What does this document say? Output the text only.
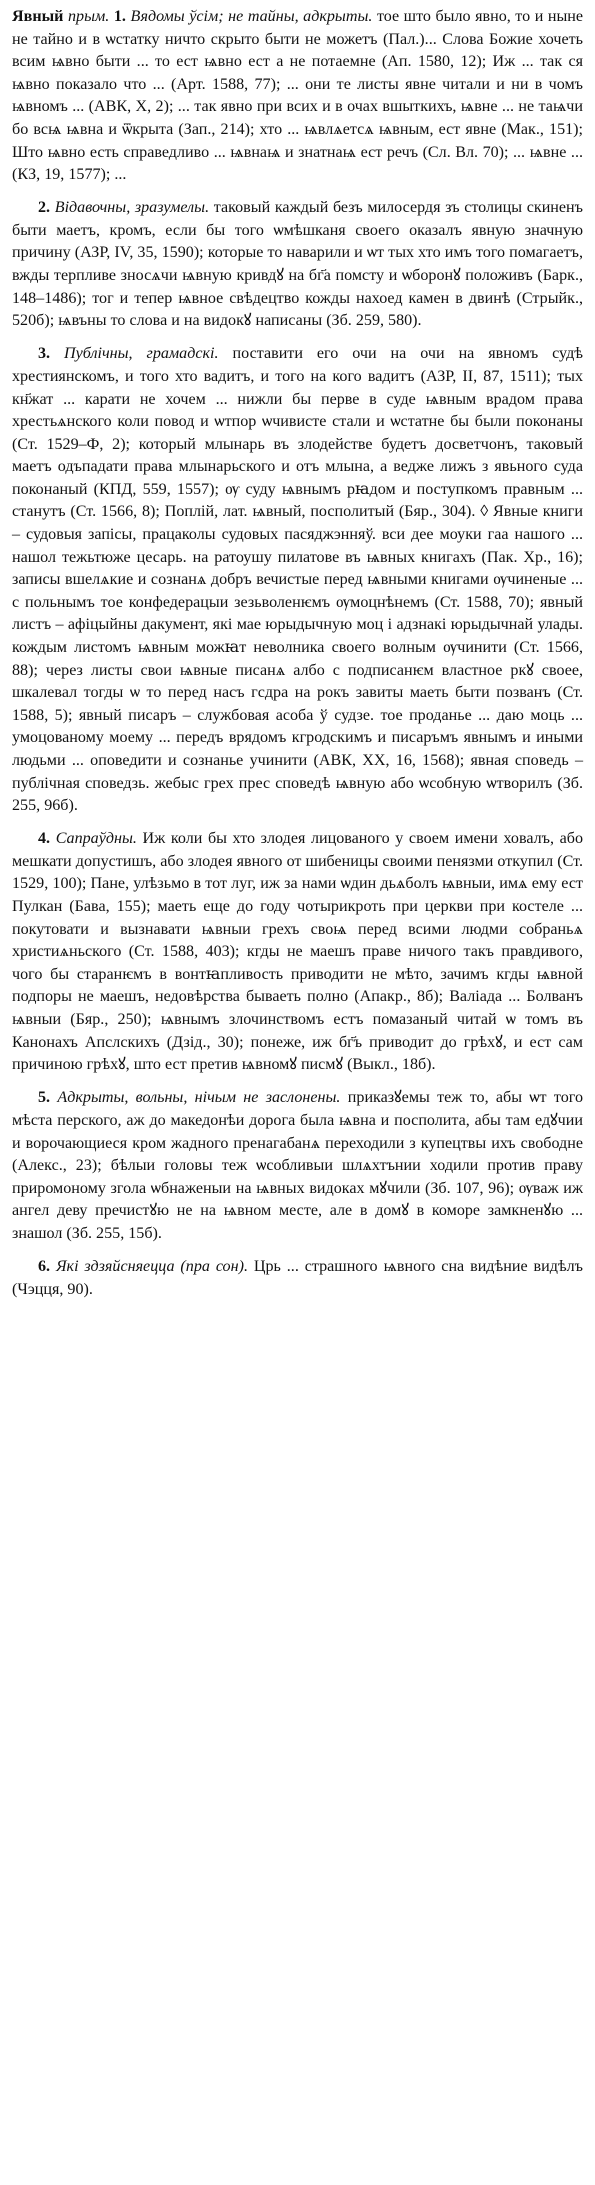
Явный прым. 1. Вядомы ўсім; не тайны, адкрыты. тое што было явно, то и ныне не тайно и в ѡстатку ничто скрыто быти не можетъ (Пал.)... Слова Божие хочеть всим ѩвно быти ... то ест ѩвно ест а не потаемне (Ап. 1580, 12); Иж ... так ся ѩвно показало что ... (Арт. 1588, 77); ... они те листы явне читали и ни в чомъ ѩвномъ ... (АВК, X, 2); ... так явно при всих и в очах вшыткихъ, ѩвне ... не таѩчи бо всѩ ѩвна и ѿкрыта (Зап., 214); хто ... ѩвлѧетсѧ ѩвным, ест явне (Мак., 151); Што ѩвно есть справедливо ... ѩвнаѩ и знатнаѩ ест речъ (Сл. Вл. 70); ... ѩвне ... (КЗ, 19, 1577); ...

2. Відавочны, зразумелы. таковый каждый безъ милосердя зъ столицы скиненъ быти маетъ, кромъ, если бы того ѡмѣшканя своего оказалъ явную значную причину (АЗР, IV, 35, 1590); которые то наварили и ѡт тых хто имъ того помагаетъ, вжды терпливе зносѧчи ѩвную кривдꙋ на бг҃а помсту и ѡборонꙋ положивъ (Барк., 148–1486); тог и тепер ѩвное свѣдецтво кожды нахоед камен в двинѣ (Стрыйк., 520б); ѩвъны то слова и на видокꙋ написаны (Зб. 259, 580).

3. Публічны, грамадскі. поставити его очи на очи на явномъ судѣ хрестиянскомъ, и того хто вадитъ, и того на кого вадитъ (АЗР, II, 87, 1511); тых кн҃жат ... карати не хочем ... нижли бы перве в суде ѩвным врадом права хрестьѧнского коли повод и ѡтпор ѡчивисте стали и ѡстатне бы были поконаны (Ст. 1529–Ф, 2); который млынарь въ злодействе будетъ досветчонъ, таковый маетъ одъпадати права млынарьского и отъ млына, а ведже лижъ з явьного суда поконаный (КПД, 559, 1557); ѹ суду ѩвнымъ рꙗдом и поступкомъ правным ... станутъ (Ст. 1566, 8); Поплій, лат. ѩвный, посполитый (Бяр., 304). ◊ Явные книги – судовыя запісы, працаколы судовых пасяджэнняў. вси дее моуки гаа нашого ... нашол тежьтюже цесарь. на ратоушу пилатове въ ѩвных книгахъ (Пак. Хр., 16); записы вшелѧкие и сознанѧ добръ вечистые перед ѩвными книгами ѹчиненые ... с польнымъ тое конфедерацыи зезьволенѥмъ ѹмоцнѣнемъ (Ст. 1588, 70); явный листъ – афіцыйны дакумент, які мае юрыдычную моц і адзнакі юрыдычнай улады. кождым листомъ ѩвным можꙗт неволника своего волным ѹчинити (Ст. 1566, 88); через листы свои ѩвные писанѧ албо с подписанѥм властное ркꙋ своее, шкалевал тогды ѡ то перед насъ гсдра на рокъ завиты маеть быти позванъ (Ст. 1588, 5); явный писаръ – службовая асоба ў судзе. тое проданье ... даю моць ... умоцованому моему ... передъ врядомъ кгродскимъ и писаръмъ явнымъ и иными людьми ... оповедити и сознанье учинити (АВК, XX, 16, 1568); явная споведь – публічная споведзь. жебыс грех прес споведѣ ѩвную або ѡсобную ѡтворилъ (Зб. 255, 96б).

4. Сапраўдны. Иж коли бы хто злодея лицованого у своем имени ховалъ, або мешкати допустишъ, або злодея явного от шибеницы своими пенязми откупил (Ст. 1529, 100); Пане, улѣзьмо в тот луг, иж за нами ѡдин дьѧболъ ѩвныи, имѧ ему ест Пулкан (Бава, 155); маеть еще до году чотырикроть при церкви при костеле ... покутовати и вызнавати ѩвныи грехъ своѩ перед всими людми собраньѧ христиѧньского (Ст. 1588, 403); кгды не маешъ праве ничого такъ правдивого, чого бы старанѥмъ в вонтꙗпливость приводити не мѣто, зачимъ кгды ѩвной подпоры не маешъ, недовѣрства бываеть полно (Апакр., 8б); Валіада ... Болванъ ѩвныи (Бяр., 250); ѩвнымъ злочинствомъ естъ помазаный читай ѡ томъ въ Канонахъ Апслскихъ (Дзід., 30); понеже, иж бг҃ъ приводит до грѣхꙋ, и ест сам причиною грѣхꙋ, што ест претив ѩвномꙋ писмꙋ (Выкл., 18б).

5. Адкрыты, вольны, нічым не заслонены. приказꙋемы теж то, абы ѡт того мѣста перского, аж до македонѣи дорога была ѩвна и посполита, абы там едꙋчии и ворочающиеся кром жадного пренагабанѧ переходили з купецтвы ихъ свободне (Алекс., 23); бѣлыи головы теж ѡсобливыи шлѧхтънии ходили против праву приромоному згола ѡбнаженыи на ѩвных видоках мꙋчили (Зб. 107, 96); ѹваж иж ангел деву пречистꙋю не на ѩвном месте, але в домꙋ в коморе замкненꙋю ... знашол (Зб. 255, 15б).

6. Які здзяйсняецца (пра сон). Црь ... страшного ѩвного сна видѣние видѣлъ (Чэцця, 90).
